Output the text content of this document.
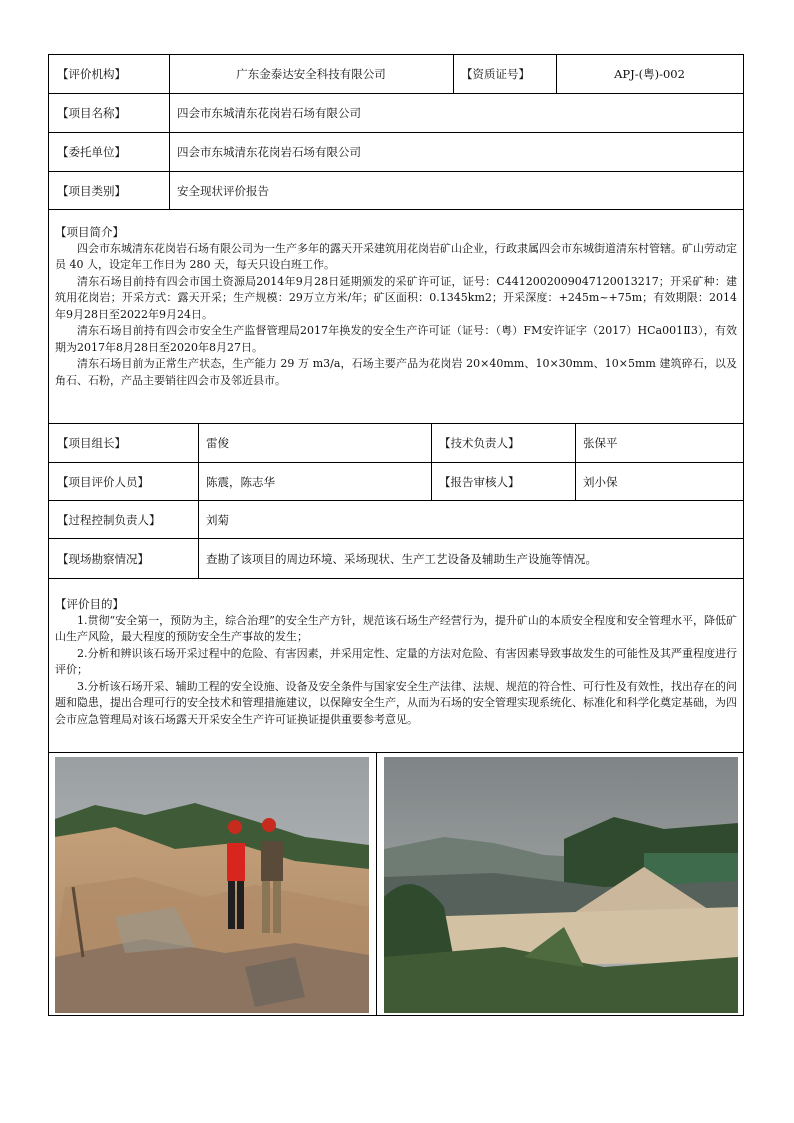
【评价机构】	广东金泰达安全科技有限公司	【资质证号】	APJ-(粤)-002
【项目名称】	四会市东城清东花岗岩石场有限公司
【委托单位】	四会市东城清东花岗岩石场有限公司
【项目类别】	安全现状评价报告

【项目简介】

四会市东城清东花岗岩石场有限公司为一生产多年的露天开采建筑用花岗岩矿山企业，行政隶属四会市东城街道清东村管辖。矿山劳动定员 40 人，设定年工作日为 280 天，每天只设白班工作。

清东石场目前持有四会市国土资源局2014年9月28日延期颁发的采矿许可证，证号：C4412002009047120013217；开采矿种：建筑用花岗岩；开采方式：露天开采；生产规模：29万立方米/年；矿区面积：0.1345km2；开采深度：+245m~+75m；有效期限：2014年9月28日至2022年9月24日。

清东石场目前持有四会市安全生产监督管理局2017年换发的安全生产许可证（证号：（粤）FM安许证字（2017）HCa001Ⅱ3），有效期为2017年8月28日至2020年8月27日。

清东石场目前为正常生产状态，生产能力 29 万 m3/a，石场主要产品为花岗岩 20×40mm、10×30mm、10×5mm 建筑碎石，以及角石、石粉，产品主要销往四会市及邻近县市。

【项目组长】	雷俊	【技术负责人】	张保平
【项目评价人员】	陈震，陈志华	【报告审核人】	刘小保
【过程控制负责人】	刘菊
【现场勘察情况】	查勘了该项目的周边环境、采场现状、生产工艺设备及辅助生产设施等情况。

【评价目的】

1.贯彻“安全第一，预防为主，综合治理”的安全生产方针，规范该石场生产经营行为，提升矿山的本质安全程度和安全管理水平，降低矿山生产风险，最大程度的预防安全生产事故的发生；

2.分析和辨识该石场开采过程中的危险、有害因素，并采用定性、定量的方法对危险、有害因素导致事故发生的可能性及其严重程度进行评价；

3.分析该石场开采、辅助工程的安全设施、设备及安全条件与国家安全生产法律、法规、规范的符合性、可行性及有效性，找出存在的问题和隐患，提出合理可行的安全技术和管理措施建议，以保障安全生产，从而为石场的安全管理实现系统化、标准化和科学化奠定基础，为四会市应急管理局对该石场露天开采安全生产许可证换证提供重要参考意见。
